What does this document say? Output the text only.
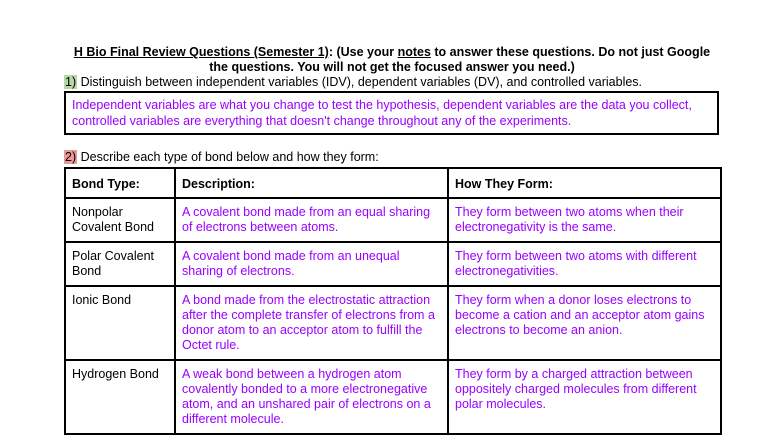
H Bio Final Review Questions (Semester 1): (Use your notes to answer these questions. Do not just Google the questions. You will not get the focused answer you need.)
1) Distinguish between independent variables (IDV), dependent variables (DV), and controlled variables.
Independent variables are what you change to test the hypothesis, dependent variables are the data you collect, controlled variables are everything that doesn't change throughout any of the experiments.
2) Describe each type of bond below and how they form:
Bond Type:	Description:	How They Form:
Nonpolar Covalent Bond	A covalent bond made from an equal sharing of electrons between atoms.	They form between two atoms when their electronegativity is the same.
Polar Covalent Bond	A covalent bond made from an unequal sharing of electrons.	They form between two atoms with different electronegativities.
Ionic Bond	A bond made from the electrostatic attraction after the complete transfer of electrons from a donor atom to an acceptor atom to fulfill the Octet rule.	They form when a donor loses electrons to become a cation and an acceptor atom gains electrons to become an anion.
Hydrogen Bond	A weak bond between a hydrogen atom covalently bonded to a more electronegative atom, and an unshared pair of electrons on a different molecule.	They form by a charged attraction between oppositely charged molecules from different polar molecules.
